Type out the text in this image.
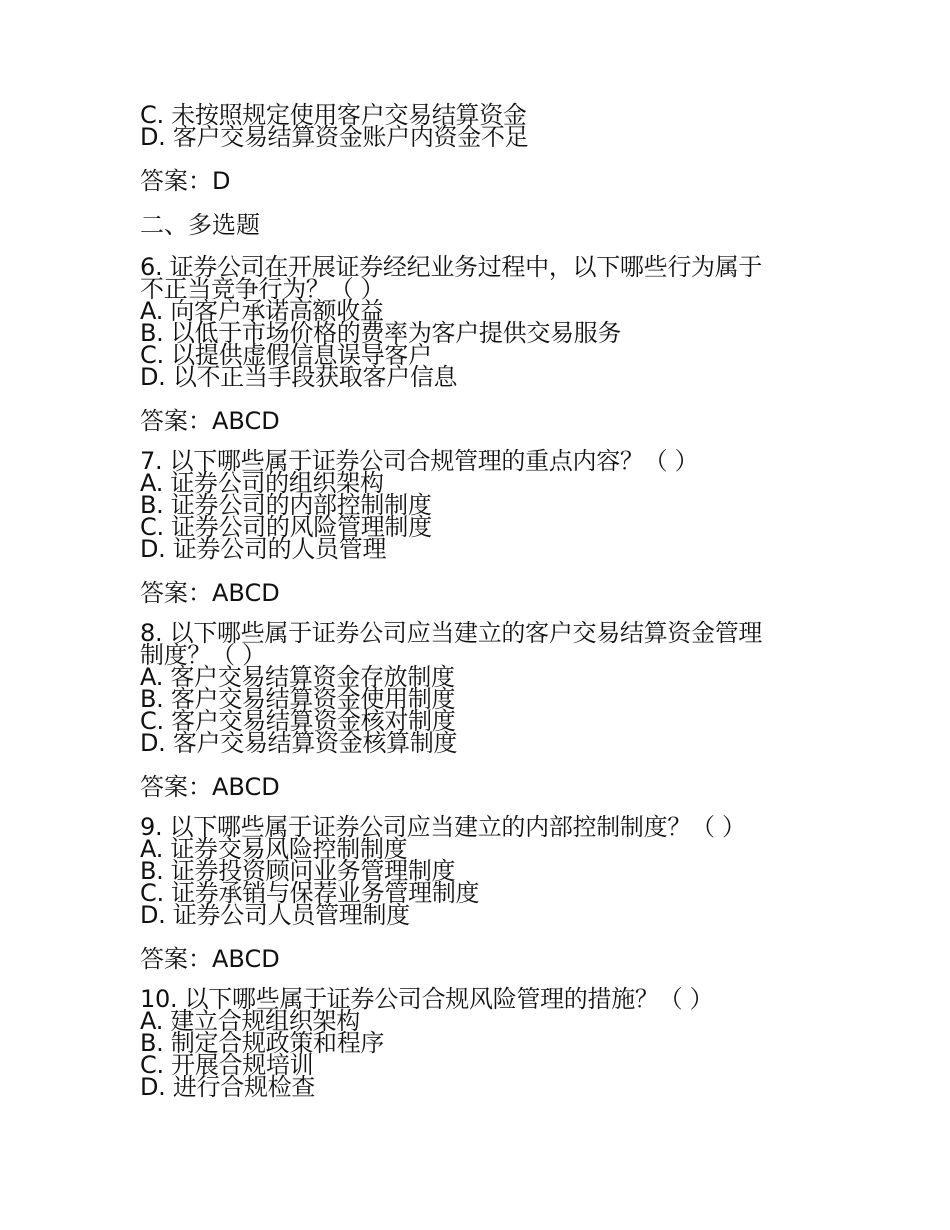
C. 未按照规定使用客户交易结算资金
D. 客户交易结算资金账户内资金不足
答案：D
二、多选题
6. 证券公司在开展证券经纪业务过程中，以下哪些行为属于
不正当竞争行为？（ ）
A. 向客户承诺高额收益
B. 以低于市场价格的费率为客户提供交易服务
C. 以提供虚假信息误导客户
D. 以不正当手段获取客户信息
答案：ABCD
7. 以下哪些属于证券公司合规管理的重点内容？（ ）
A. 证券公司的组织架构
B. 证券公司的内部控制制度
C. 证券公司的风险管理制度
D. 证券公司的人员管理
答案：ABCD
8. 以下哪些属于证券公司应当建立的客户交易结算资金管理
制度？（ ）
A. 客户交易结算资金存放制度
B. 客户交易结算资金使用制度
C. 客户交易结算资金核对制度
D. 客户交易结算资金核算制度
答案：ABCD
9. 以下哪些属于证券公司应当建立的内部控制制度？（ ）
A. 证券交易风险控制制度
B. 证券投资顾问业务管理制度
C. 证券承销与保荐业务管理制度
D. 证券公司人员管理制度
答案：ABCD
10. 以下哪些属于证券公司合规风险管理的措施？（ ）
A. 建立合规组织架构
B. 制定合规政策和程序
C. 开展合规培训
D. 进行合规检查
